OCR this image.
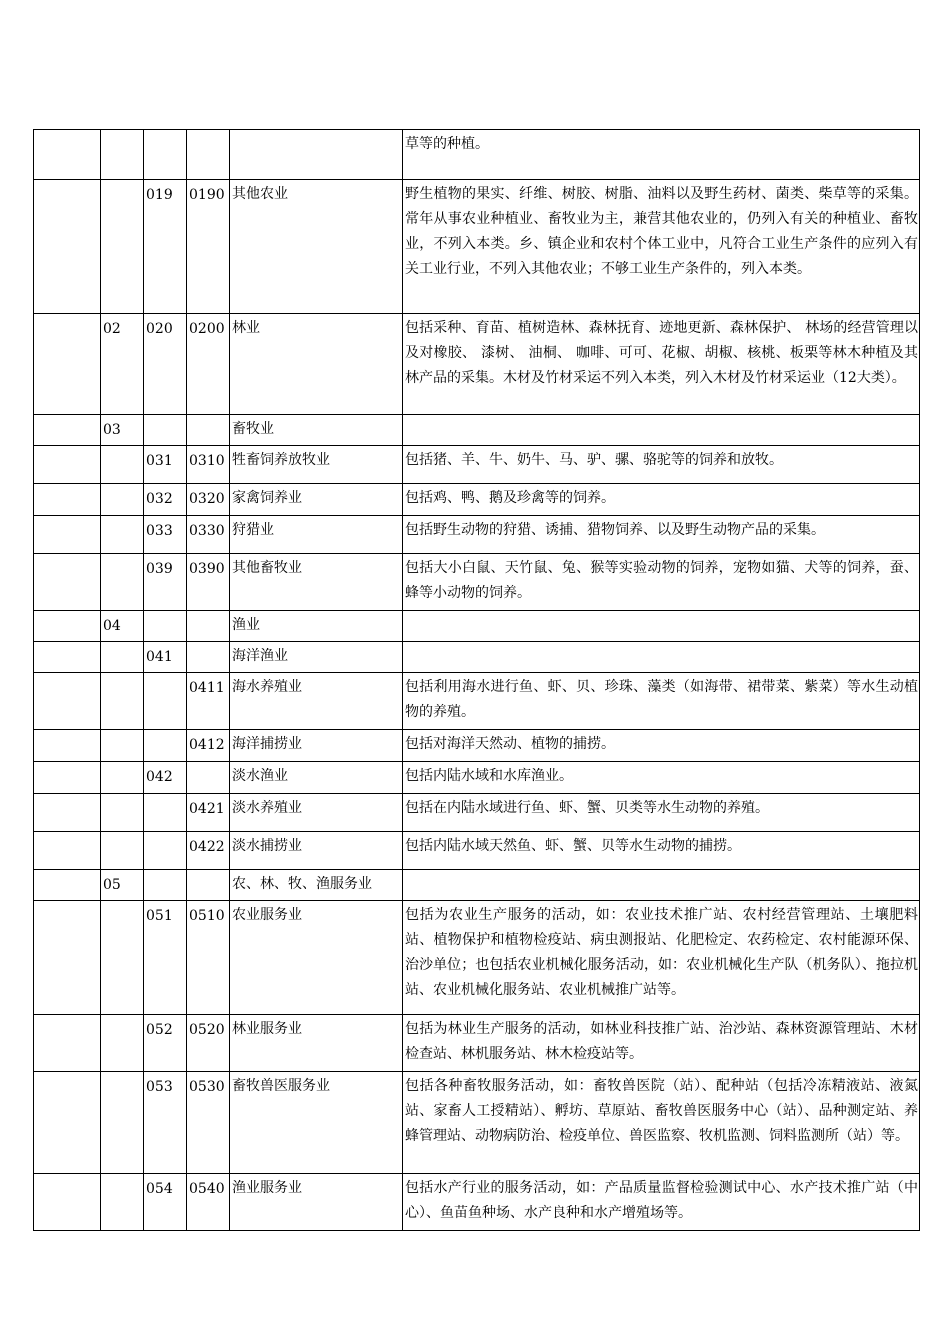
					草等的种植。
		019	0190	其他农业	野生植物的果实、纤维、树胶、树脂、油料以及野生药材、菌类、柴草等的采集。常年从事农业种植业、畜牧业为主，兼营其他农业的，仍列入有关的种植业、畜牧业，不列入本类。乡、镇企业和农村个体工业中，凡符合工业生产条件的应列入有关工业行业，不列入其他农业；不够工业生产条件的，列入本类。
	02	020	0200	林业	包括采种、育苗、植树造林、森林抚育、迹地更新、森林保护、 林场的经营管理以及对橡胶、 漆树、 油桐、 咖啡、可可、花椒、胡椒、核桃、板栗等林木种植及其林产品的采集。木材及竹材采运不列入本类，列入木材及竹材采运业（12大类）。
	03			畜牧业	
		031	0310	牲畜饲养放牧业	包括猪、羊、牛、奶牛、马、驴、骡、骆驼等的饲养和放牧。
		032	0320	家禽饲养业	包括鸡、鸭、鹅及珍禽等的饲养。
		033	0330	狩猎业	包括野生动物的狩猎、诱捕、猎物饲养、以及野生动物产品的采集。
		039	0390	其他畜牧业	包括大小白鼠、天竹鼠、兔、猴等实验动物的饲养，宠物如猫、犬等的饲养，蚕、蜂等小动物的饲养。
	04			渔业	
		041		海洋渔业	
			0411	海水养殖业	包括利用海水进行鱼、虾、贝、珍珠、藻类（如海带、裙带菜、紫菜）等水生动植物的养殖。
			0412	海洋捕捞业	包括对海洋天然动、植物的捕捞。
		042		淡水渔业	包括内陆水域和水库渔业。
			0421	淡水养殖业	包括在内陆水域进行鱼、虾、蟹、贝类等水生动物的养殖。
			0422	淡水捕捞业	包括内陆水域天然鱼、虾、蟹、贝等水生动物的捕捞。
	05			农、林、牧、渔服务业	
		051	0510	农业服务业	包括为农业生产服务的活动，如：农业技术推广站、农村经营管理站、土壤肥料站、植物保护和植物检疫站、病虫测报站、化肥检定、农药检定、农村能源环保、治沙单位；也包括农业机械化服务活动，如：农业机械化生产队（机务队）、拖拉机站、农业机械化服务站、农业机械推广站等。
		052	0520	林业服务业	包括为林业生产服务的活动，如林业科技推广站、治沙站、森林资源管理站、木材检查站、林机服务站、林木检疫站等。
		053	0530	畜牧兽医服务业	包括各种畜牧服务活动，如：畜牧兽医院（站）、配种站（包括冷冻精液站、液氮站、家畜人工授精站）、孵坊、草原站、畜牧兽医服务中心（站）、品种测定站、养蜂管理站、动物病防治、检疫单位、兽医监察、牧机监测、饲料监测所（站）等。
		054	0540	渔业服务业	包括水产行业的服务活动，如：产品质量监督检验测试中心、水产技术推广站（中心）、鱼苗鱼种场、水产良种和水产增殖场等。
